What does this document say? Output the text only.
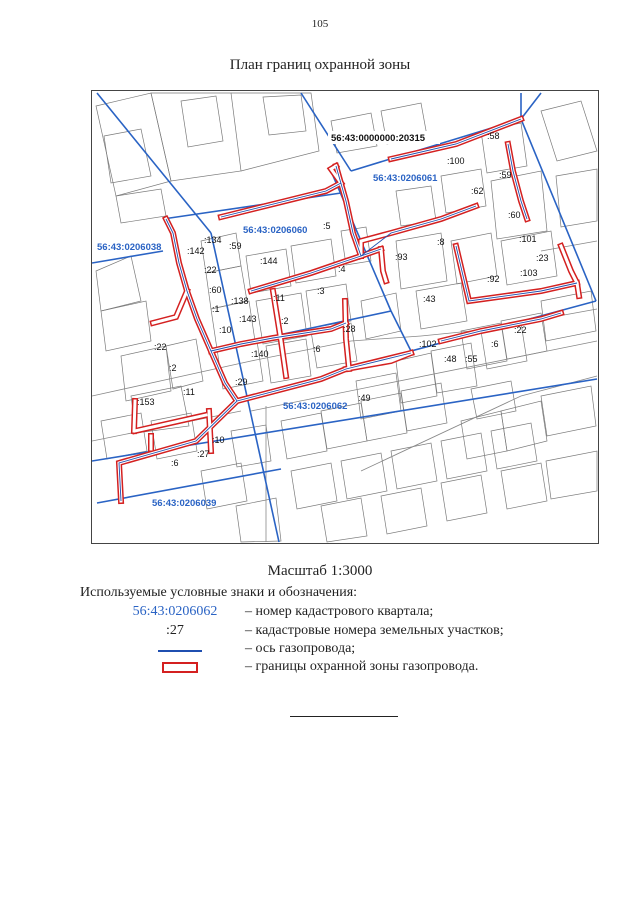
105
План границ охранной зоны
56:43:0206060
56:43:0206061
56:43:0206038
56:43:0206062
56:43:0206039
56:43:0000000:20315	:58
:100
:59
:62
:60
:101
:23
:103
:92
:5
:8
:93
:134
:142	:59
:22
:60
:1
:144
:4
:3
:11
:138
:10
:143	:2
:140	:6
:28
:43
:102
:48 :55
:6
:22
:22
:2
:153
:11
:29
:49
:10
:6
:27
Масштаб 1:3000
Используемые условные знаки и обозначения:
56:43:0206062	– номер кадастрового квартала;
:27	– кадастровые номера земельных участков;
– ось газопровода;
– границы охранной зоны газопровода.
